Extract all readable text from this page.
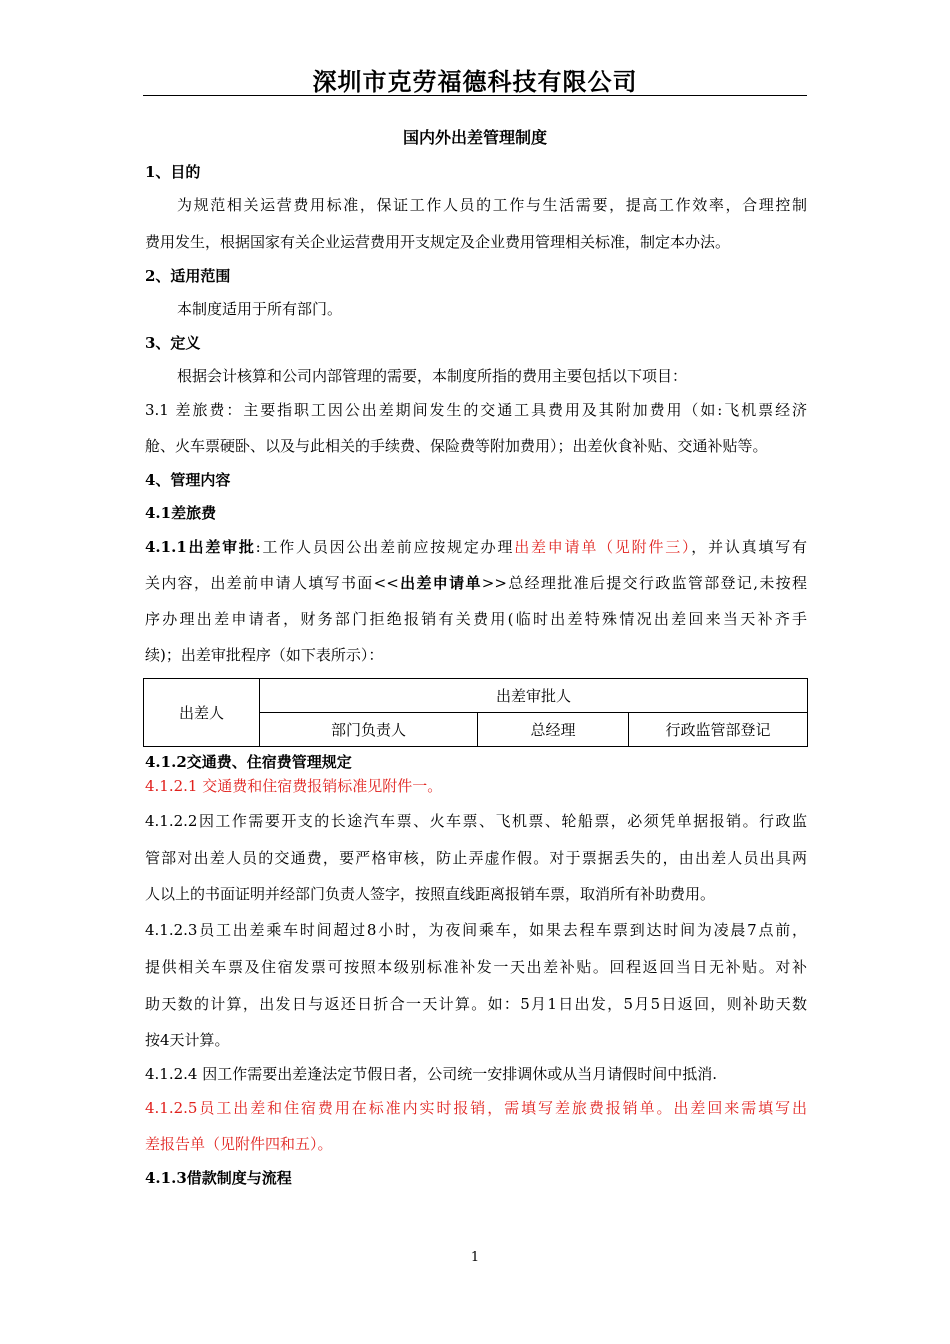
深圳市克劳福德科技有限公司
国内外出差管理制度
1、目的
为规范相关运营费用标准，保证工作人员的工作与生活需要，提高工作效率，合理控制
费用发生，根据国家有关企业运营费用开支规定及企业费用管理相关标准，制定本办法。
2、适用范围
本制度适用于所有部门。
3、定义
根据会计核算和公司内部管理的需要，本制度所指的费用主要包括以下项目：
3.1 差旅费：主要指职工因公出差期间发生的交通工具费用及其附加费用（如:飞机票经济
舱、火车票硬卧、以及与此相关的手续费、保险费等附加费用）；出差伙食补贴、交通补贴等。
4、管理内容
4.1差旅费
4.1.1出差审批:工作人员因公出差前应按规定办理出差申请单（见附件三），并认真填写有
关内容，出差前申请人填写书面<<出差申请单>>总经理批准后提交行政监管部登记,未按程
序办理出差申请者，财务部门拒绝报销有关费用(临时出差特殊情况出差回来当天补齐手
续)；出差审批程序（如下表所示）：
出差人	出差审批人		
	部门负责人	总经理	行政监管部登记
4.1.2交通费、住宿费管理规定
4.1.2.1 交通费和住宿费报销标准见附件一。
4.1.2.2因工作需要开支的长途汽车票、火车票、飞机票、轮船票，必须凭单据报销。行政监
管部对出差人员的交通费，要严格审核，防止弄虚作假。对于票据丢失的，由出差人员出具两
人以上的书面证明并经部门负责人签字，按照直线距离报销车票，取消所有补助费用。
4.1.2.3员工出差乘车时间超过8小时，为夜间乘车，如果去程车票到达时间为凌晨7点前，
提供相关车票及住宿发票可按照本级别标准补发一天出差补贴。回程返回当日无补贴。对补
助天数的计算，出发日与返还日折合一天计算。如：5月1日出发，5月5日返回，则补助天数
按4天计算。
4.1.2.4 因工作需要出差逢法定节假日者，公司统一安排调休或从当月请假时间中抵消.
4.1.2.5员工出差和住宿费用在标准内实时报销，需填写差旅费报销单。出差回来需填写出
差报告单（见附件四和五）。
4.1.3借款制度与流程
1
